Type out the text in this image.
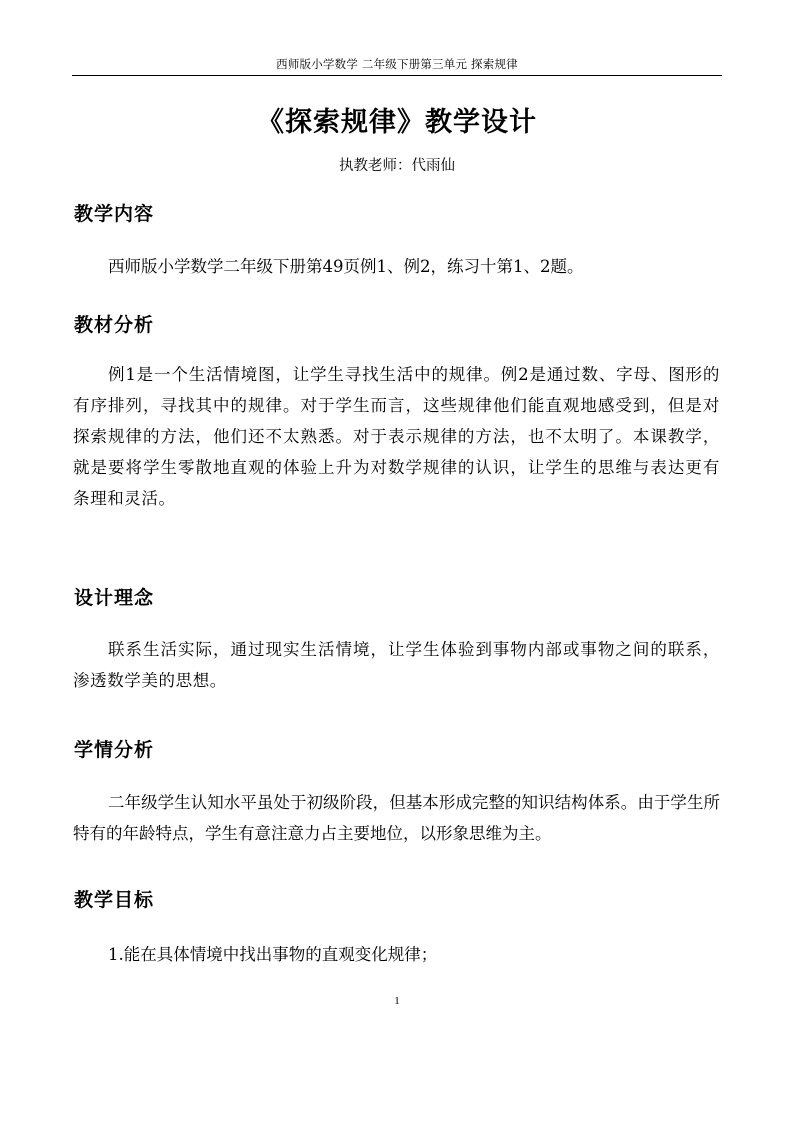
西师版小学数学 二年级下册第三单元 探索规律
《探索规律》教学设计
执教老师：代雨仙
教学内容
西师版小学数学二年级下册第49页例1、例2，练习十第1、2题。
教材分析
例1是一个生活情境图，让学生寻找生活中的规律。例2是通过数、字母、图形的有序排列，寻找其中的规律。对于学生而言，这些规律他们能直观地感受到，但是对探索规律的方法，他们还不太熟悉。对于表示规律的方法，也不太明了。本课教学，就是要将学生零散地直观的体验上升为对数学规律的认识，让学生的思维与表达更有条理和灵活。
设计理念
联系生活实际，通过现实生活情境，让学生体验到事物内部或事物之间的联系，渗透数学美的思想。
学情分析
二年级学生认知水平虽处于初级阶段，但基本形成完整的知识结构体系。由于学生所特有的年龄特点，学生有意注意力占主要地位，以形象思维为主。
教学目标
1.能在具体情境中找出事物的直观变化规律；
1
